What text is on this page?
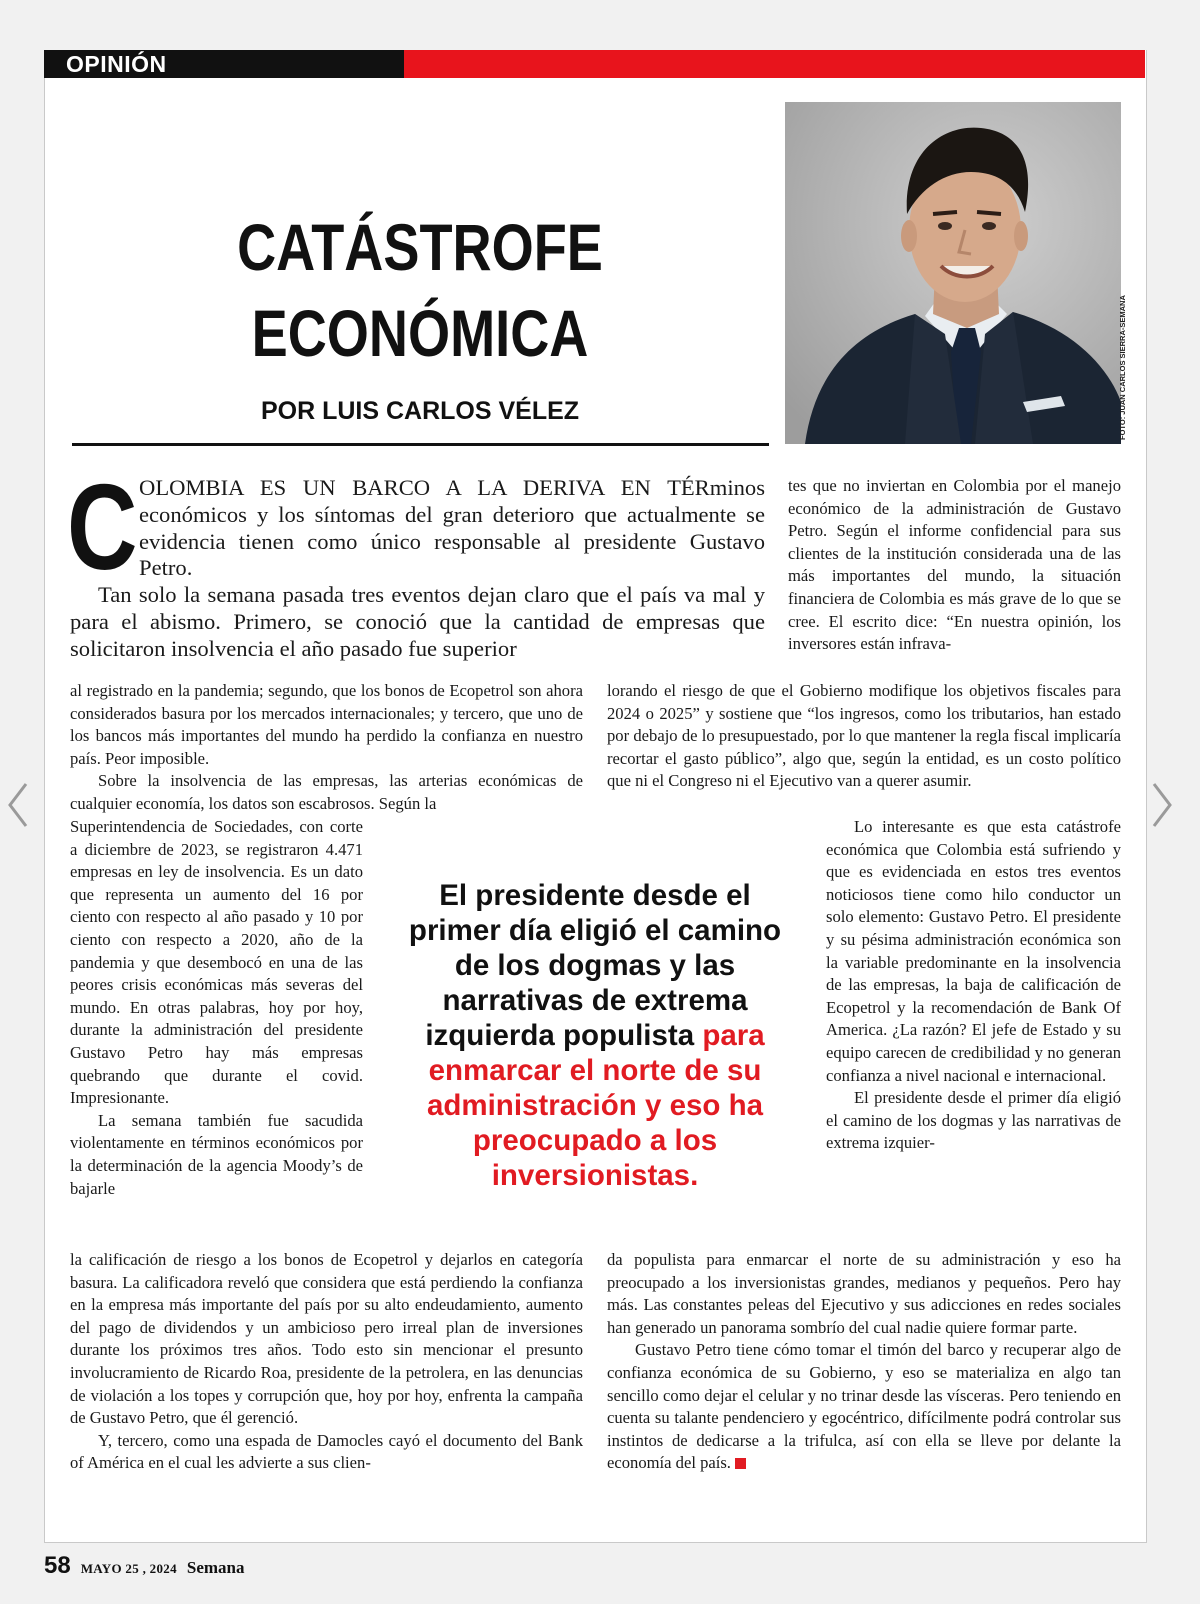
OPINIÓN
CATÁSTROFE
ECONÓMICA
POR LUIS CARLOS VÉLEZ	FOTO: JUAN CARLOS SIERRA-SEMANA

COLOMBIA ES UN BARCO A LA DERIVA EN TÉRminos económicos y los síntomas del gran deterioro que actualmente se evidencia tienen como único responsable al presidente Gustavo Petro.

Tan solo la semana pasada tres eventos dejan claro que el país va mal y para el abismo. Primero, se conoció que la cantidad de empresas que solicitaron insolvencia el año pasado fue superior

tes que no inviertan en Colombia por el manejo económico de la administración de Gustavo Petro. Según el informe confidencial para sus clientes de la institución considerada una de las más importantes del mundo, la situación financiera de Colombia es más grave de lo que se cree. El escrito dice: “En nuestra opinión, los inversores están infrava-

al registrado en la pandemia; segundo, que los bonos de Ecopetrol son ahora considerados basura por los mercados internacionales; y tercero, que uno de los bancos más importantes del mundo ha perdido la confianza en nuestro país. Peor imposible.

Sobre la insolvencia de las empresas, las arterias económicas de cualquier economía, los datos son escabrosos. Según la

lorando el riesgo de que el Gobierno modifique los objetivos fiscales para 2024 o 2025” y sostiene que “los ingresos, como los tributarios, han estado por debajo de lo presupuestado, por lo que mantener la regla fiscal implicaría recortar el gasto público”, algo que, según la entidad, es un costo político que ni el Congreso ni el Ejecutivo van a querer asumir.

Superintendencia de Sociedades, con corte a diciembre de 2023, se registraron 4.471 empresas en ley de insolvencia. Es un dato que representa un aumento del 16 por ciento con respecto al año pasado y 10 por ciento con respecto a 2020, año de la pandemia y que desembocó en una de las peores crisis económicas más severas del mundo. En otras palabras, hoy por hoy, durante la administración del presidente Gustavo Petro hay más empresas quebrando que durante el covid. Impresionante.

La semana también fue sacudida violentamente en términos económicos por la determinación de la agencia Moody’s de bajarle

El presidente desde el primer día eligió el camino de los dogmas y las narrativas de extrema izquierda populista para enmarcar el norte de su administración y eso ha preocupado a los inversionistas.

Lo interesante es que esta catástrofe económica que Colombia está sufriendo y que es evidenciada en estos tres eventos noticiosos tiene como hilo conductor un solo elemento: Gustavo Petro. El presidente y su pésima administración económica son la variable predominante en la insolvencia de las empresas, la baja de calificación de Ecopetrol y la recomendación de Bank Of America. ¿La razón? El jefe de Estado y su equipo carecen de credibilidad y no generan confianza a nivel nacional e internacional.

El presidente desde el primer día eligió el camino de los dogmas y las narrativas de extrema izquier-

la calificación de riesgo a los bonos de Ecopetrol y dejarlos en categoría basura. La calificadora reveló que considera que está perdiendo la confianza en la empresa más importante del país por su alto endeudamiento, aumento del pago de dividendos y un ambicioso pero irreal plan de inversiones durante los próximos tres años. Todo esto sin mencionar el presunto involucramiento de Ricardo Roa, presidente de la petrolera, en las denuncias de violación a los topes y corrupción que, hoy por hoy, enfrenta la campaña de Gustavo Petro, que él gerenció.

Y, tercero, como una espada de Damocles cayó el documento del Bank of América en el cual les advierte a sus clien-

da populista para enmarcar el norte de su administración y eso ha preocupado a los inversionistas grandes, medianos y pequeños. Pero hay más. Las constantes peleas del Ejecutivo y sus adicciones en redes sociales han generado un panorama sombrío del cual nadie quiere formar parte.

Gustavo Petro tiene cómo tomar el timón del barco y recuperar algo de confianza económica de su Gobierno, y eso se materializa en algo tan sencillo como dejar el celular y no trinar desde las vísceras. Pero teniendo en cuenta su talante pendenciero y egocéntrico, difícilmente podrá controlar sus instintos de dedicarse a la trifulca, así con ella se lleve por delante la economía del país.

58 MAYO 25 , 2024 Semana
